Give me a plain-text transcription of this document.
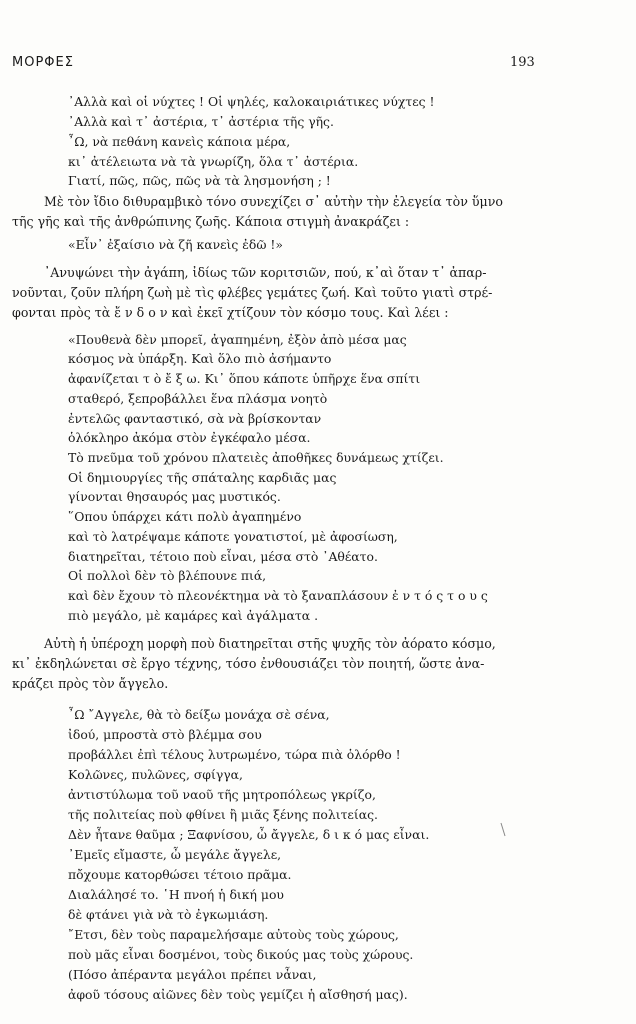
ΜΟΡΦΕΣ	193
᾿Αλλὰ καὶ οἱ νύχτες ! Οἱ ψηλές, καλοκαιριάτικες νύχτες !
᾿Αλλὰ καὶ τ᾿ ἀστέρια, τ᾿ ἀστέρια τῆς γῆς.
῏Ω, νὰ πεθάνη κανεὶς κάποια μέρα,
κι᾿ ἀτέλειωτα νὰ τὰ γνωρίζη, ὅλα τ᾿ ἀστέρια.
Γιατί, πῶς, πῶς, πῶς νὰ τὰ λησμονήση ; !
Μὲ τὸν ἴδιο διθυραμβικὸ τόνο συνεχίζει σ᾿ αὐτὴν τὴν ἐλεγεία τὸν ὕμνο
τῆς γῆς καὶ τῆς ἀνθρώπινης ζωῆς. Κάποια στιγμὴ ἀνακράζει :
«Εἶν᾿ ἐξαίσιο νὰ ζῆ κανεὶς ἐδῶ !»
᾿Ανυψώνει τὴν ἀγάπη, ἰδίως τῶν κοριτσιῶν, πού, κ᾿αὶ ὅταν τ᾿ ἀπαρ-
νοῦνται, ζοῦν πλήρη ζωὴ μὲ τὶς φλέβες γεμάτες ζωή. Καὶ τοῦτο γιατὶ στρέ-
φονται πρὸς τὰ ἔ ν δ ο ν καὶ ἐκεῖ χτίζουν τὸν κόσμο τους. Καὶ λέει :
«Πουθενὰ δὲν μπορεῖ, ἀγαπημένη, ἐξὸν ἀπὸ μέσα μας
κόσμος νὰ ὑπάρξη. Καὶ ὅλο πιὸ ἀσήμαντο
ἀφανίζεται τ ὸ ἔ ξ ω. Κι᾿ ὅπου κάποτε ὑπῆρχε ἕνα σπίτι
σταθερό, ξεπροβάλλει ἕνα πλάσμα νοητὸ
ἐντελῶς φανταστικό, σὰ νὰ βρίσκονταν
ὁλόκληρο ἀκόμα στὸν ἐγκέφαλο μέσα.
Τὸ πνεῦμα τοῦ χρόνου πλατειὲς ἀποθῆκες δυνάμεως χτίζει.
Οἱ δημιουργίες τῆς σπάταλης καρδιᾶς μας
γίνονται θησαυρός μας μυστικός.
῞Οπου ὑπάρχει κάτι πολὺ ἀγαπημένο
καὶ τὸ λατρέψαμε κάποτε γονατιστοί, μὲ ἀφοσίωση,
διατηρεῖται, τέτοιο ποὺ εἶναι, μέσα στὸ ᾿Αθέατο.
Οἱ πολλοὶ δὲν τὸ βλέπουνε πιά,
καὶ δὲν ἔχουν τὸ πλεονέκτημα νὰ τὸ ξαναπλάσουν ἐ ν τ ό ς τ ο υ ς
πιὸ μεγάλο, μὲ καμάρες καὶ ἀγάλματα .
Αὐτὴ ἡ ὑπέροχη μορφὴ ποὺ διατηρεῖται στῆς ψυχῆς τὸν ἀόρατο κόσμο,
κι᾿ ἐκδηλώνεται σὲ ἔργο τέχνης, τόσο ἐνθουσιάζει τὸν ποιητή, ὥστε ἀνα-
κράζει πρὸς τὸν ἄγγελο.
῏Ω ῎Αγγελε, θὰ τὸ δείξω μονάχα σὲ σένα,
ἰδού, μπροστὰ στὸ βλέμμα σου
προβάλλει ἐπὶ τέλους λυτρωμένο, τώρα πιὰ ὁλόρθο !
Κολῶνες, πυλῶνες, σφίγγα,
ἀντιστύλωμα τοῦ ναοῦ τῆς μητροπόλεως γκρίζο,
τῆς πολιτείας ποὺ φθίνει ἢ μιᾶς ξένης πολιτείας.
Δὲν ἦτανε θαῦμα ; Ξαφνίσου, ὦ ἄγγελε, δ ι κ ό μας εἶναι.
᾿Εμεῖς εἴμαστε, ὦ μεγάλε ἄγγελε,
πὄχουμε κατορθώσει τέτοιο πρᾶμα.
Διαλάλησέ το. ῾Η πνοή ἡ δική μου
δὲ φτάνει γιὰ νὰ τὸ ἐγκωμιάση.
῎Ετσι, δὲν τοὺς παραμελήσαμε αὐτοὺς τοὺς χώρους,
ποὺ μᾶς εἶναι δοσμένοι, τοὺς δικούς μας τοὺς χώρους.
(Πόσο ἀπέραντα μεγάλοι πρέπει νἆναι,
ἀφοῦ τόσους αἰῶνες δὲν τοὺς γεμίζει ἡ αἴσθησή μας).
